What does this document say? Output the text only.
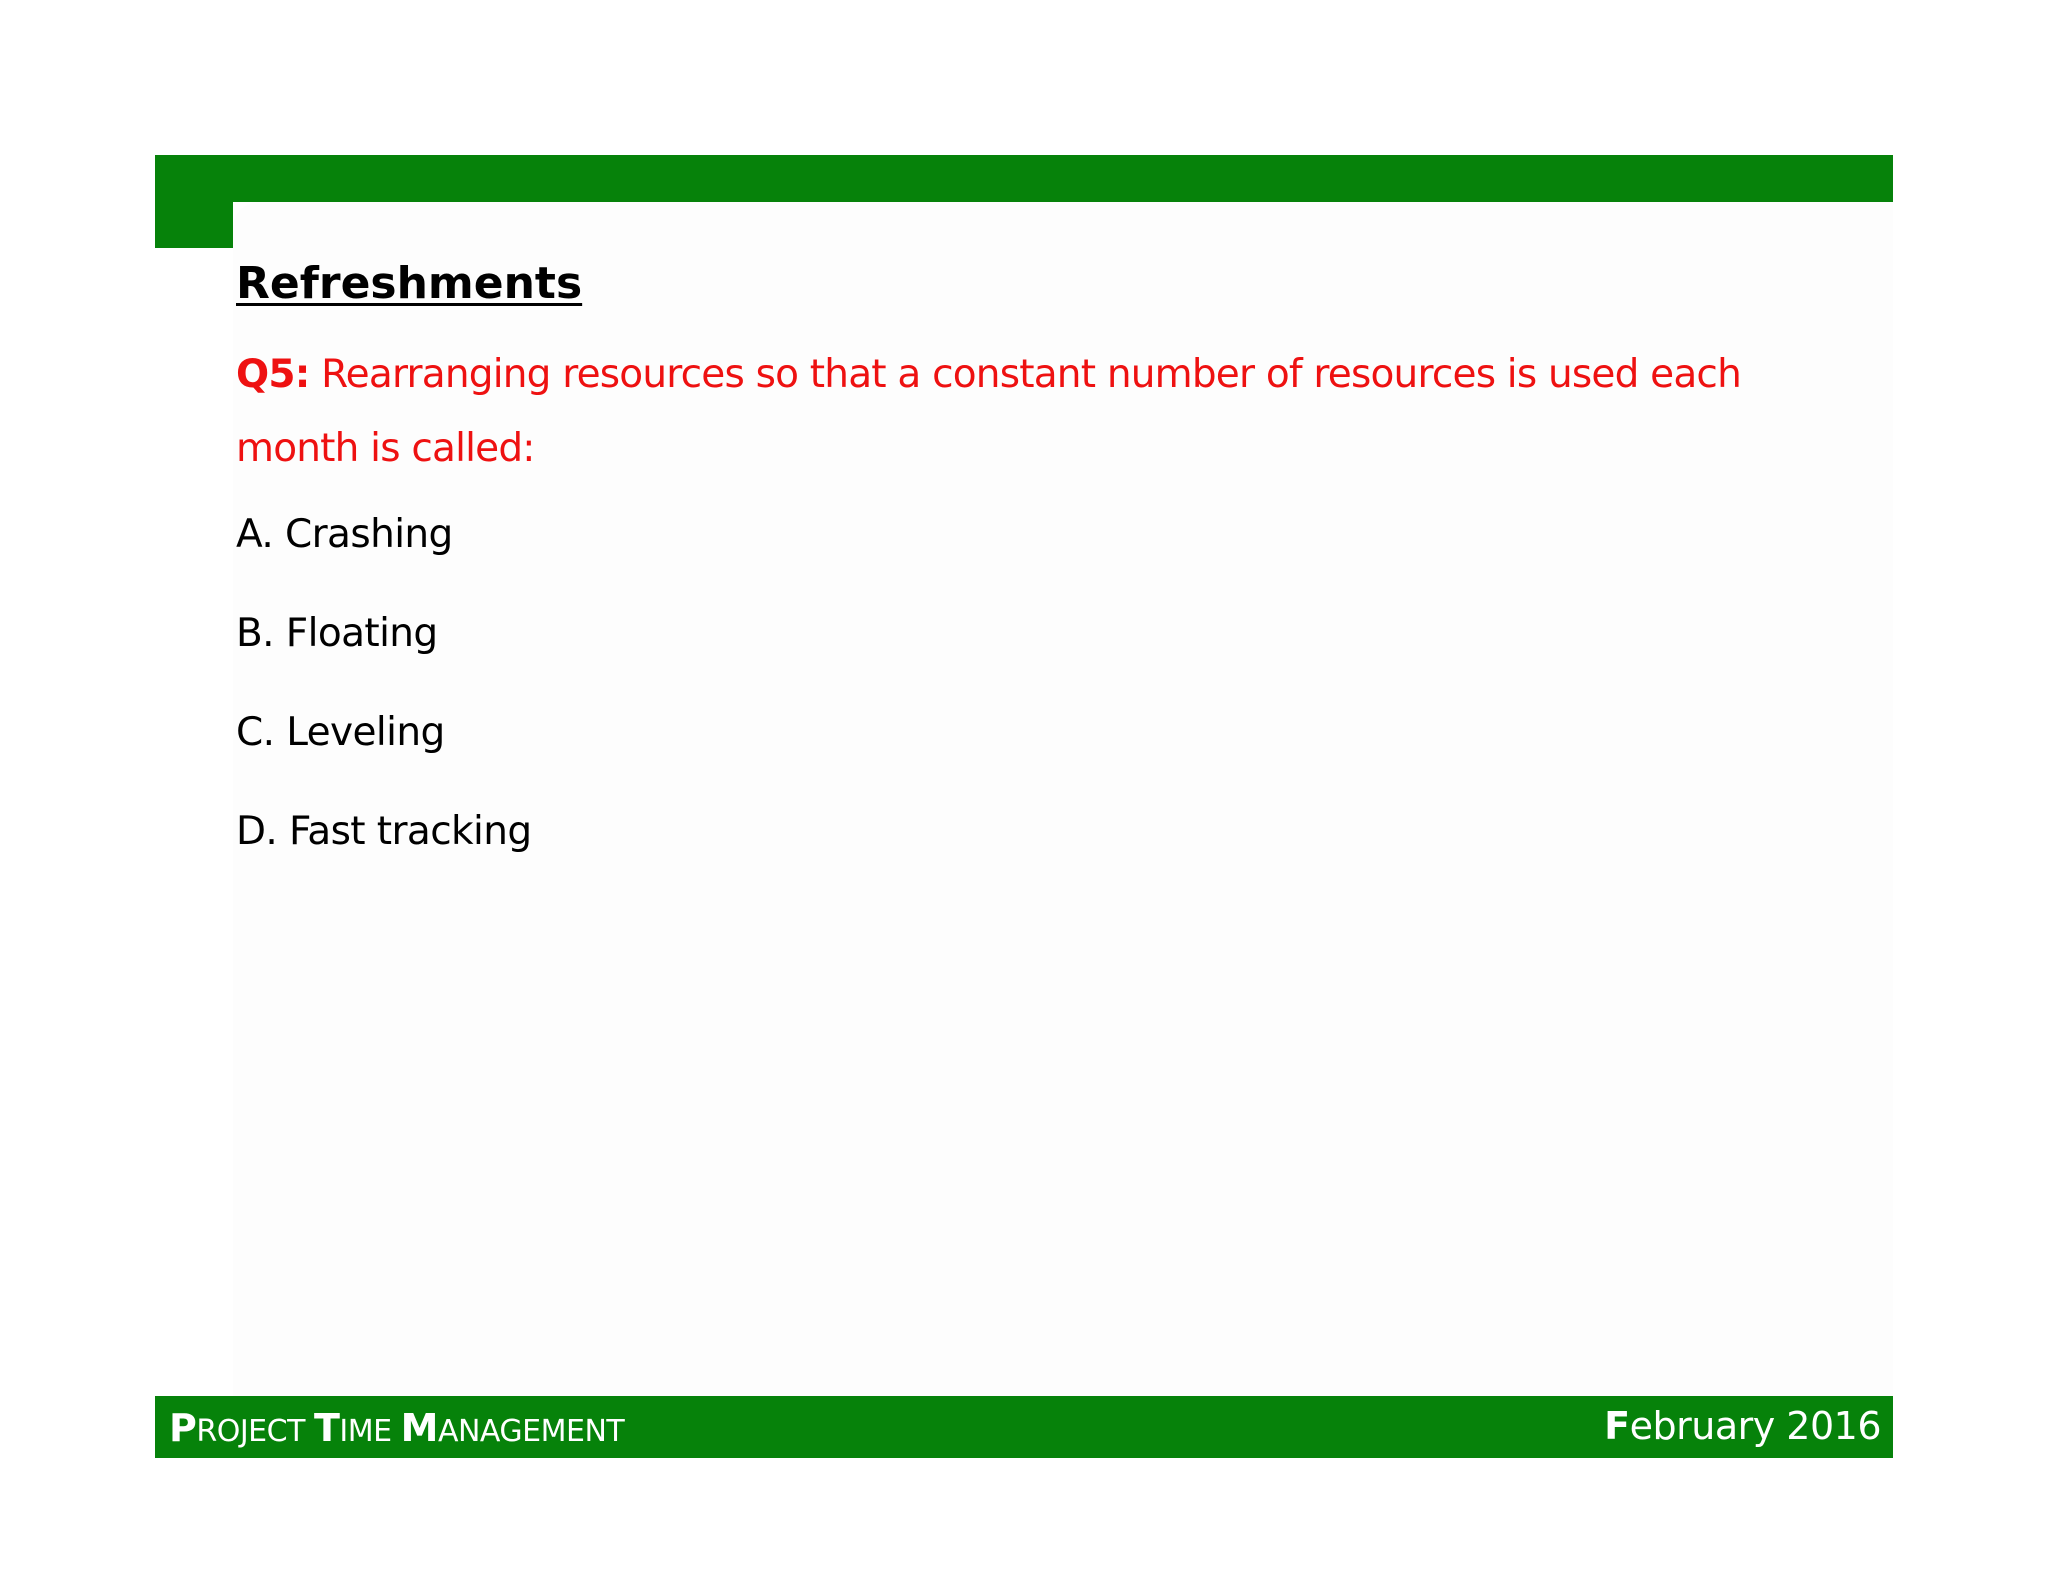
Refreshments

Q5: Rearranging resources so that a constant number of resources is used each month is called:

A. Crashing
B. Floating
C. Leveling
D. Fast tracking
PROJECT TIME MANAGEMENT	February 2016
